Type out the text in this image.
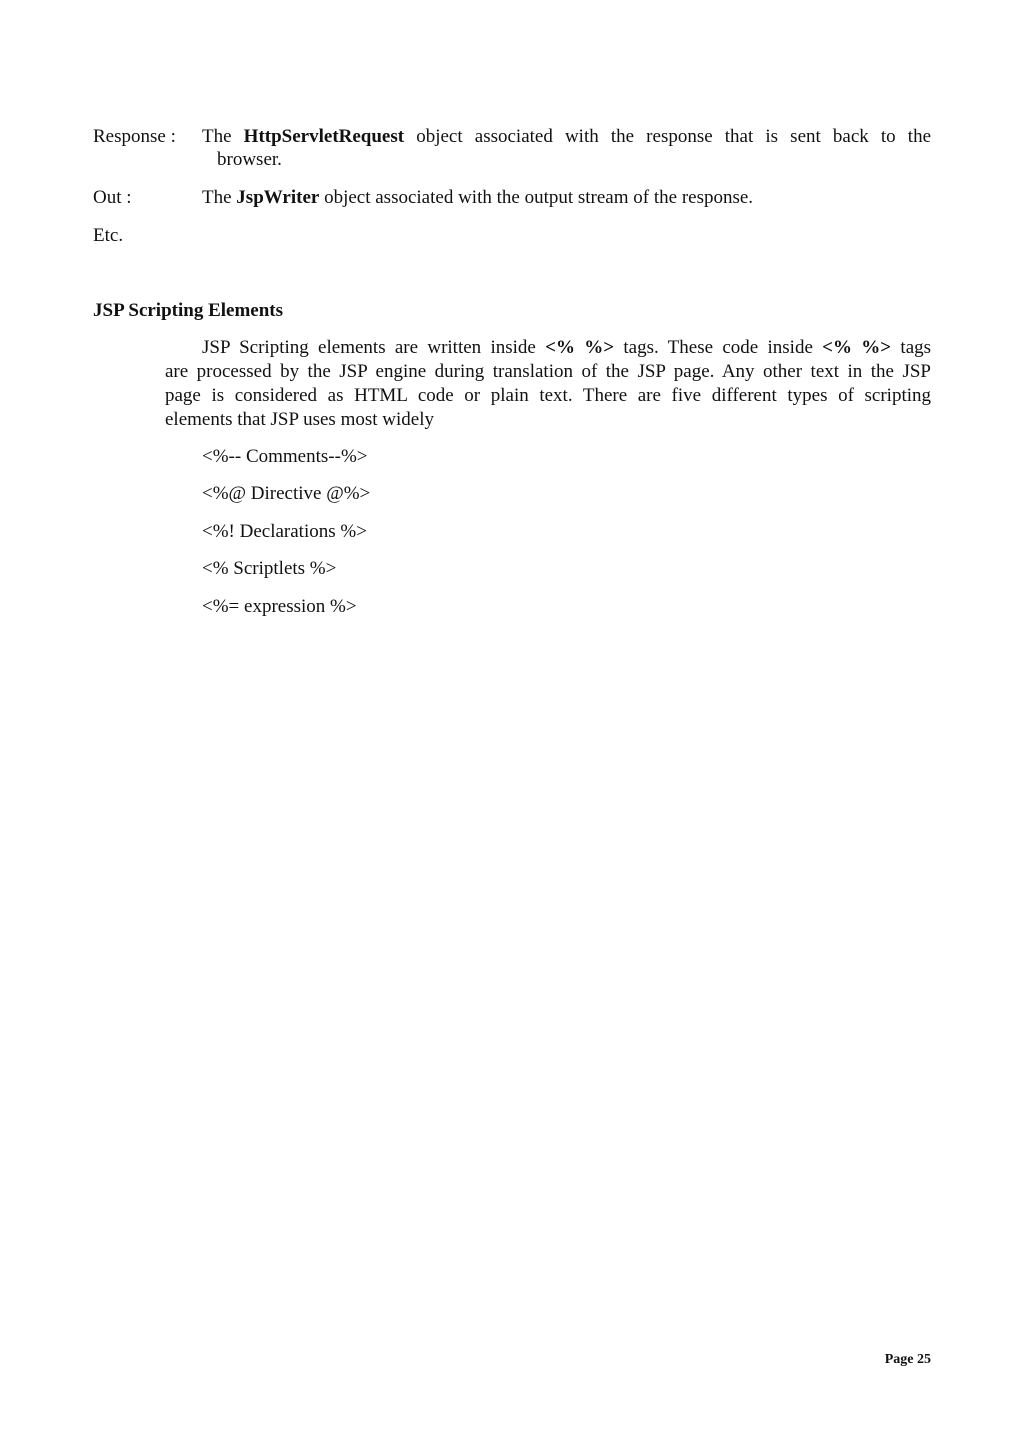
Response : The HttpServletRequest object associated with the response that is sent back to the
browser.
Out :	The JspWriter object associated with the output stream of the response.
Etc.
JSP Scripting Elements
JSP Scripting elements are written inside <% %> tags. These code inside <% %> tags
are processed by the JSP engine during translation of the JSP page. Any other text in the JSP
page is considered as HTML code or plain text. There are five different types of scripting
elements that JSP uses most widely
<%-- Comments--%>
<%@ Directive @%>
<%! Declarations %>
<% Scriptlets %>
<%= expression %>
Page 25
